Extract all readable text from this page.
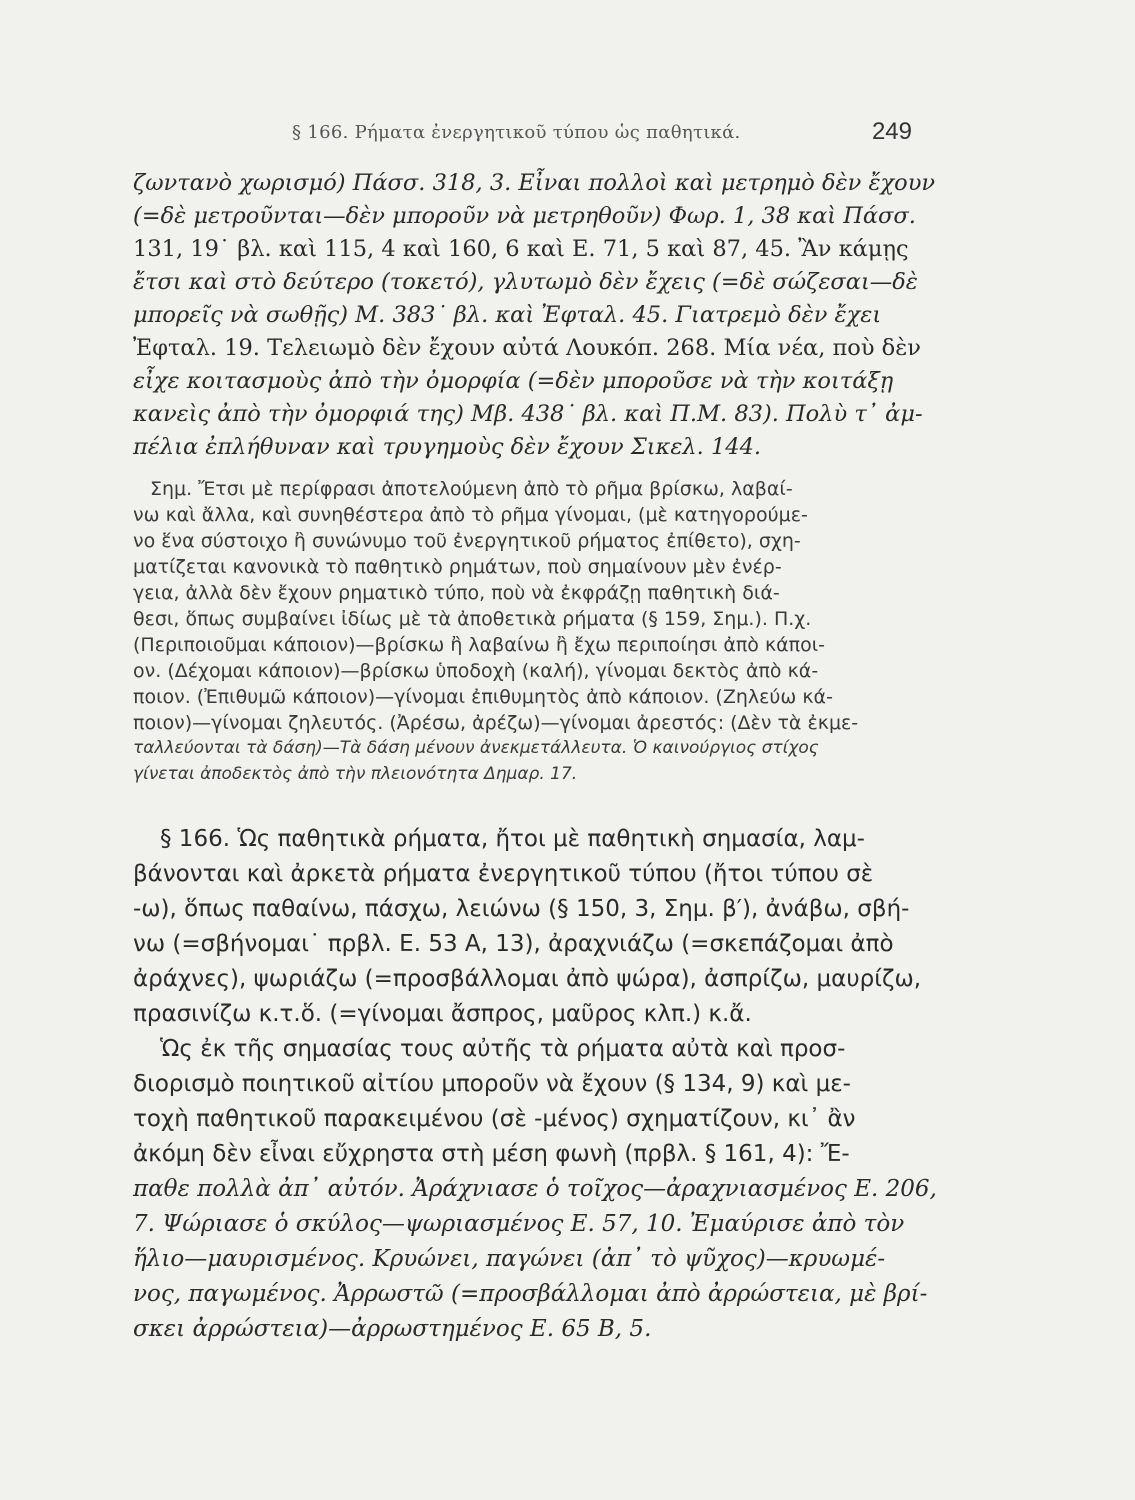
§ 166. Ρήματα ἐνεργητικοῦ τύπου ὡς παθητικά.	249
ζωντανὸ χωρισμό) Πάσσ. 318, 3. Εἶναι πολλοὶ καὶ μετρημὸ δὲν ἔχουν
(=δὲ μετροῦνται—δὲν μποροῦν νὰ μετρηθοῦν) Φωρ. 1, 38 καὶ Πάσσ.
131, 19˙ βλ. καὶ 115, 4 καὶ 160, 6 καὶ Ε. 71, 5 καὶ 87, 45. Ἂν κάμῃς
ἔτσι καὶ στὸ δεύτερο (τοκετό), γλυτωμὸ δὲν ἔχεις (=δὲ σώζεσαι—δὲ
μπορεῖς νὰ σωθῇς) Μ. 383˙ βλ. καὶ Ἐφταλ. 45. Γιατρεμὸ δὲν ἔχει
Ἐφταλ. 19. Τελειωμὸ δὲν ἔχουν αὐτά Λουκόπ. 268. Μία νέα, ποὺ δὲν
εἶχε κοιτασμοὺς ἀπὸ τὴν ὀμορφία (=δὲν μποροῦσε νὰ τὴν κοιτάξῃ
κανεὶς ἀπὸ τὴν ὀμορφιά της) Μβ. 438˙ βλ. καὶ Π.Μ. 83). Πολὺ τ᾽ ἀμ-
πέλια ἐπλήθυναν καὶ τρυγημοὺς δὲν ἔχουν Σικελ. 144.
Σημ. Ἔτσι μὲ περίφρασι ἀποτελούμενη ἀπὸ τὸ ρῆμα βρίσκω, λαβαί-
νω καὶ ἄλλα, καὶ συνηθέστερα ἀπὸ τὸ ρῆμα γίνομαι, (μὲ κατηγορούμε-
νο ἕνα σύστοιχο ἢ συνώνυμο τοῦ ἐνεργητικοῦ ρήματος ἐπίθετο), σχη-
ματίζεται κανονικὰ τὸ παθητικὸ ρημάτων, ποὺ σημαίνουν μὲν ἐνέρ-
γεια, ἀλλὰ δὲν ἔχουν ρηματικὸ τύπο, ποὺ νὰ ἐκφράζῃ παθητικὴ διά-
θεσι, ὅπως συμβαίνει ἰδίως μὲ τὰ ἀποθετικὰ ρήματα (§ 159, Σημ.). Π.χ.
(Περιποιοῦμαι κάποιον)—βρίσκω ἢ λαβαίνω ἢ ἔχω περιποίησι ἀπὸ κάποι-
ον. (Δέχομαι κάποιον)—βρίσκω ὑποδοχὴ (καλή), γίνομαι δεκτὸς ἀπὸ κά-
ποιον. (Ἐπιθυμῶ κάποιον)—γίνομαι ἐπιθυμητὸς ἀπὸ κάποιον. (Ζηλεύω κά-
ποιον)—γίνομαι ζηλευτός. (Ἀρέσω, ἀρέζω)—γίνομαι ἀρεστός: (Δὲν τὰ ἐκμε-
ταλλεύονται τὰ δάση)—Τὰ δάση μένουν ἀνεκμετάλλευτα. Ὁ καινούργιος στίχος
γίνεται ἀποδεκτὸς ἀπὸ τὴν πλειονότητα Δημαρ. 17.
§ 166. Ὡς παθητικὰ ρήματα, ἤτοι μὲ παθητικὴ σημασία, λαμ-
βάνονται καὶ ἀρκετὰ ρήματα ἐνεργητικοῦ τύπου (ἤτοι τύπου σὲ
-ω), ὅπως παθαίνω, πάσχω, λειώνω (§ 150, 3, Σημ. β′), ἀνάβω, σβή-
νω (=σβήνομαι˙ πρβλ. Ε. 53 Α, 13), ἀραχνιάζω (=σκεπάζομαι ἀπὸ
ἀράχνες), ψωριάζω (=προσβάλλομαι ἀπὸ ψώρα), ἀσπρίζω, μαυρίζω,
πρασινίζω κ.τ.ὅ. (=γίνομαι ἄσπρος, μαῦρος κλπ.) κ.ἄ.
Ὡς ἐκ τῆς σημασίας τους αὐτῆς τὰ ρήματα αὐτὰ καὶ προσ-
διορισμὸ ποιητικοῦ αἰτίου μποροῦν νὰ ἔχουν (§ 134, 9) καὶ με-
τοχὴ παθητικοῦ παρακειμένου (σὲ -μένος) σχηματίζουν, κι᾽ ἂν
ἀκόμη δὲν εἶναι εὔχρηστα στὴ μέση φωνὴ (πρβλ. § 161, 4): Ἔ-
παθε πολλὰ ἀπ᾽ αὐτόν. Ἀράχνιασε ὁ τοῖχος—ἀραχνιασμένος Ε. 206,
7. Ψώριασε ὁ σκύλος—ψωριασμένος Ε. 57, 10. Ἐμαύρισε ἀπὸ τὸν
ἥλιο—μαυρισμένος. Κρυώνει, παγώνει (ἀπ᾽ τὸ ψῦχος)—κρυωμέ-
νος, παγωμένος. Ἀρρωστῶ (=προσβάλλομαι ἀπὸ ἀρρώστεια, μὲ βρί-
σκει ἀρρώστεια)—ἀρρωστημένος Ε. 65 Β, 5.
